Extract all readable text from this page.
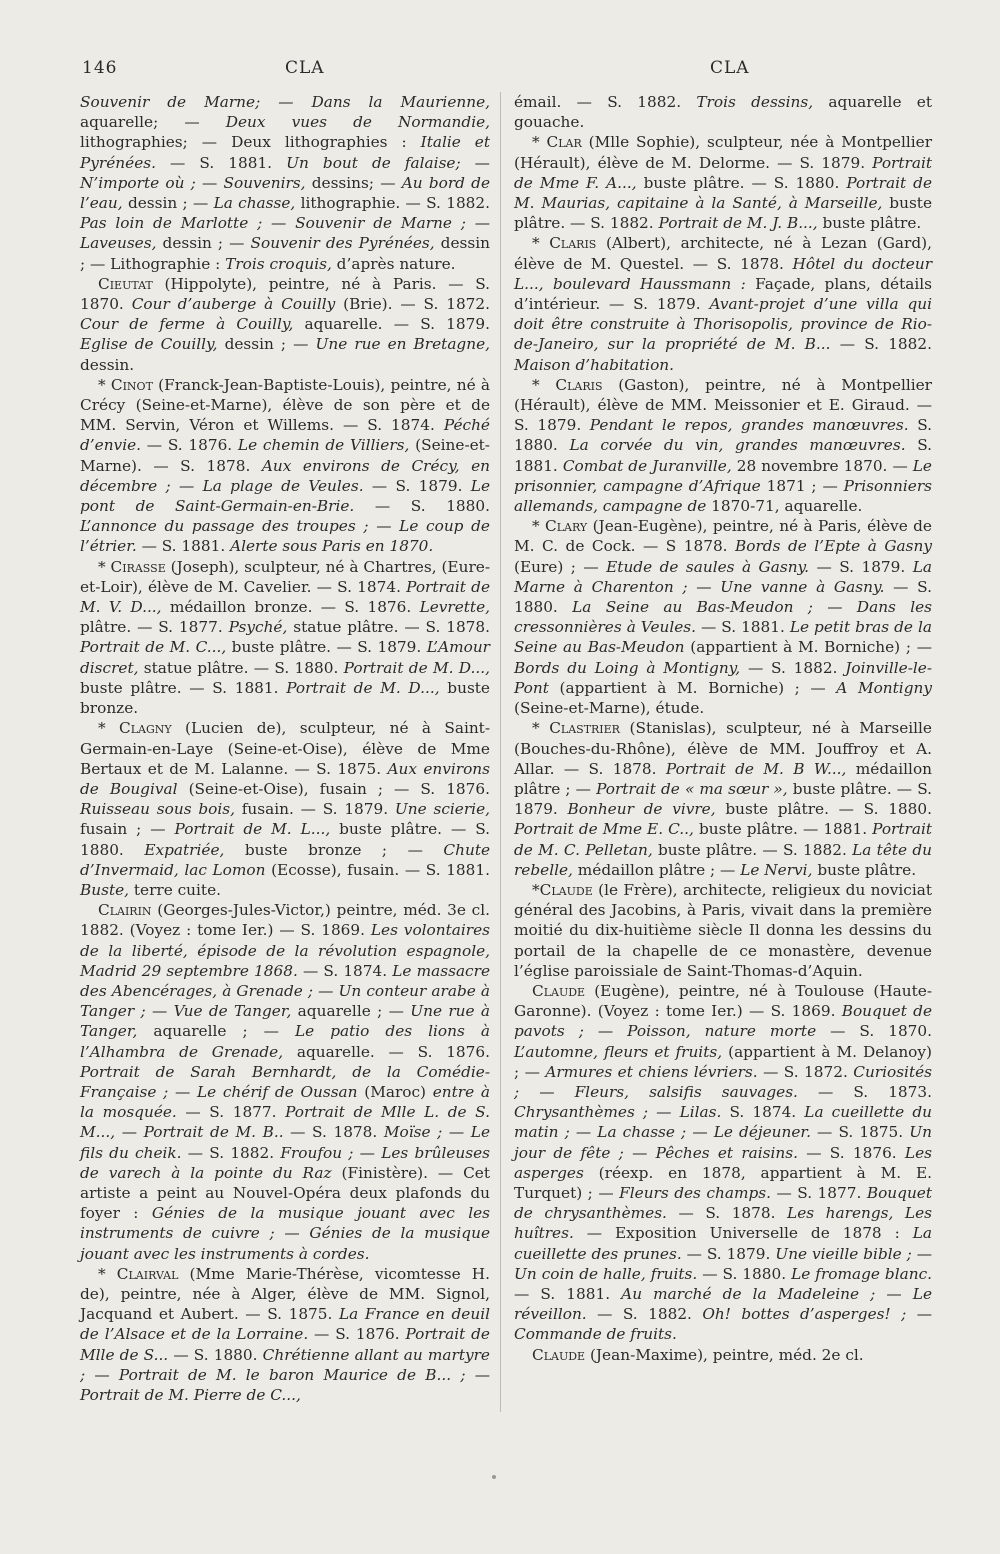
146	CLA	CLA

Souvenir de Marne; — Dans la Maurienne, aquarelle; — Deux vues de Normandie, lithographies; — Deux lithographies : Italie et Pyrénées. — S. 1881. Un bout de falaise; — N’importe où ; — Souvenirs, dessins; — Au bord de l’eau, dessin ; — La chasse, lithographie. — S. 1882. Pas loin de Marlotte ; — Souvenir de Marne ; — Laveuses, dessin ; — Souvenir des Pyrénées, dessin ; — Lithographie : Trois croquis, d’après nature.

Cieutat (Hippolyte), peintre, né à Paris. — S. 1870. Cour d’auberge à Couilly (Brie). — S. 1872. Cour de ferme à Couilly, aquarelle. — S. 1879. Eglise de Couilly, dessin ; — Une rue en Bretagne, dessin.

* Cinot (Franck-Jean-Baptiste-Louis), peintre, né à Crécy (Seine-et-Marne), élève de son père et de MM. Servin, Véron et Willems. — S. 1874. Péché d’envie. — S. 1876. Le chemin de Villiers, (Seine-et-Marne). — S. 1878. Aux environs de Crécy, en décembre ; — La plage de Veules. — S. 1879. Le pont de Saint-Germain-en-Brie. — S. 1880. L’annonce du passage des troupes ; — Le coup de l’étrier. — S. 1881. Alerte sous Paris en 1870.

* Cirasse (Joseph), sculpteur, né à Chartres, (Eure-et-Loir), élève de M. Cavelier. — S. 1874. Portrait de M. V. D..., médaillon bronze. — S. 1876. Levrette, plâtre. — S. 1877. Psyché, statue plâtre. — S. 1878. Portrait de M. C..., buste plâtre. — S. 1879. L’Amour discret, statue plâtre. — S. 1880. Portrait de M. D..., buste plâtre. — S. 1881. Portrait de M. D..., buste bronze.

* Clagny (Lucien de), sculpteur, né à Saint-Germain-en-Laye (Seine-et-Oise), élève de Mme Bertaux et de M. Lalanne. — S. 1875. Aux environs de Bougival (Seine-et-Oise), fusain ; — S. 1876. Ruisseau sous bois, fusain. — S. 1879. Une scierie, fusain ; — Portrait de M. L..., buste plâtre. — S. 1880. Expatriée, buste bronze ; — Chute d’Invermaid, lac Lomon (Ecosse), fusain. — S. 1881. Buste, terre cuite.

Clairin (Georges-Jules-Victor,) peintre, méd. 3e cl. 1882. (Voyez : tome Ier.) — S. 1869. Les volontaires de la liberté, épisode de la révolution espagnole, Madrid 29 septembre 1868. — S. 1874. Le massacre des Abencérages, à Grenade ; — Un conteur arabe à Tanger ; — Vue de Tanger, aquarelle ; — Une rue à Tanger, aquarelle ; — Le patio des lions à l’Alhambra de Grenade, aquarelle. — S. 1876. Portrait de Sarah Bernhardt, de la Comédie-Française ; — Le chérif de Oussan (Maroc) entre à la mosquée. — S. 1877. Portrait de Mlle L. de S. M..., — Portrait de M. B.. — S. 1878. Moïse ; — Le fils du cheik. — S. 1882. Froufou ; — Les brûleuses de varech à la pointe du Raz (Finistère). — Cet artiste a peint au Nouvel-Opéra deux plafonds du foyer : Génies de la musique jouant avec les instruments de cuivre ; — Génies de la musique jouant avec les instruments à cordes.

* Clairval (Mme Marie-Thérèse, vicomtesse H. de), peintre, née à Alger, élève de MM. Signol, Jacquand et Aubert. — S. 1875. La France en deuil de l’Alsace et de la Lorraine. — S. 1876. Portrait de Mlle de S... — S. 1880. Chrétienne allant au martyre ; — Portrait de M. le baron Maurice de B... ; — Portrait de M. Pierre de C...,

émail. — S. 1882. Trois dessins, aquarelle et gouache.

* Clar (Mlle Sophie), sculpteur, née à Montpellier (Hérault), élève de M. Delorme. — S. 1879. Portrait de Mme F. A..., buste plâtre. — S. 1880. Portrait de M. Maurias, capitaine à la Santé, à Marseille, buste plâtre. — S. 1882. Portrait de M. J. B..., buste plâtre.

* Claris (Albert), architecte, né à Lezan (Gard), élève de M. Questel. — S. 1878. Hôtel du docteur L..., boulevard Haussmann : Façade, plans, détails d’intérieur. — S. 1879. Avant-projet d’une villa qui doit être construite à Thorisopolis, province de Rio-de-Janeiro, sur la propriété de M. B... — S. 1882. Maison d’habitation.

* Claris (Gaston), peintre, né à Montpellier (Hérault), élève de MM. Meissonier et E. Giraud. — S. 1879. Pendant le repos, grandes manœuvres. S. 1880. La corvée du vin, grandes manœuvres. S. 1881. Combat de Juranville, 28 novembre 1870. — Le prisonnier, campagne d’Afrique 1871 ; — Prisonniers allemands, campagne de 1870-71, aquarelle.

* Clary (Jean-Eugène), peintre, né à Paris, élève de M. C. de Cock. — S 1878. Bords de l’Epte à Gasny (Eure) ; — Etude de saules à Gasny. — S. 1879. La Marne à Charenton ; — Une vanne à Gasny. — S. 1880. La Seine au Bas-Meudon ; — Dans les cressonnières à Veules. — S. 1881. Le petit bras de la Seine au Bas-Meudon (appartient à M. Borniche) ; — Bords du Loing à Montigny, — S. 1882. Joinville-le-Pont (appartient à M. Borniche) ; — A Montigny (Seine-et-Marne), étude.

* Clastrier (Stanislas), sculpteur, né à Marseille (Bouches-du-Rhône), élève de MM. Jouffroy et A. Allar. — S. 1878. Portrait de M. B W..., médaillon plâtre ; — Portrait de « ma sœur », buste plâtre. — S. 1879. Bonheur de vivre, buste plâtre. — S. 1880. Portrait de Mme E. C.., buste plâtre. — 1881. Portrait de M. C. Pelletan, buste plâtre. — S. 1882. La tête du rebelle, médaillon plâtre ; — Le Nervi, buste plâtre.

*Claude (le Frère), architecte, religieux du noviciat général des Jacobins, à Paris, vivait dans la première moitié du dix-huitième siècle Il donna les dessins du portail de la chapelle de ce monastère, devenue l’église paroissiale de Saint-Thomas-d’Aquin.

Claude (Eugène), peintre, né à Toulouse (Haute-Garonne). (Voyez : tome Ier.) — S. 1869. Bouquet de pavots ; — Poisson, nature morte — S. 1870. L’automne, fleurs et fruits, (appartient à M. Delanoy) ; — Armures et chiens lévriers. — S. 1872. Curiosités ; — Fleurs, salsifis sauvages. — S. 1873. Chrysanthèmes ; — Lilas. S. 1874. La cueillette du matin ; — La chasse ; — Le déjeuner. — S. 1875. Un jour de fête ; — Pêches et raisins. — S. 1876. Les asperges (réexp. en 1878, appartient à M. E. Turquet) ; — Fleurs des champs. — S. 1877. Bouquet de chrysanthèmes. — S. 1878. Les harengs, Les huîtres. — Exposition Universelle de 1878 : La cueillette des prunes. — S. 1879. Une vieille bible ; — Un coin de halle, fruits. — S. 1880. Le fromage blanc. — S. 1881. Au marché de la Madeleine ; — Le réveillon. — S. 1882. Oh! bottes d’asperges! ; — Commande de fruits.

Claude (Jean-Maxime), peintre, méd. 2e cl.
